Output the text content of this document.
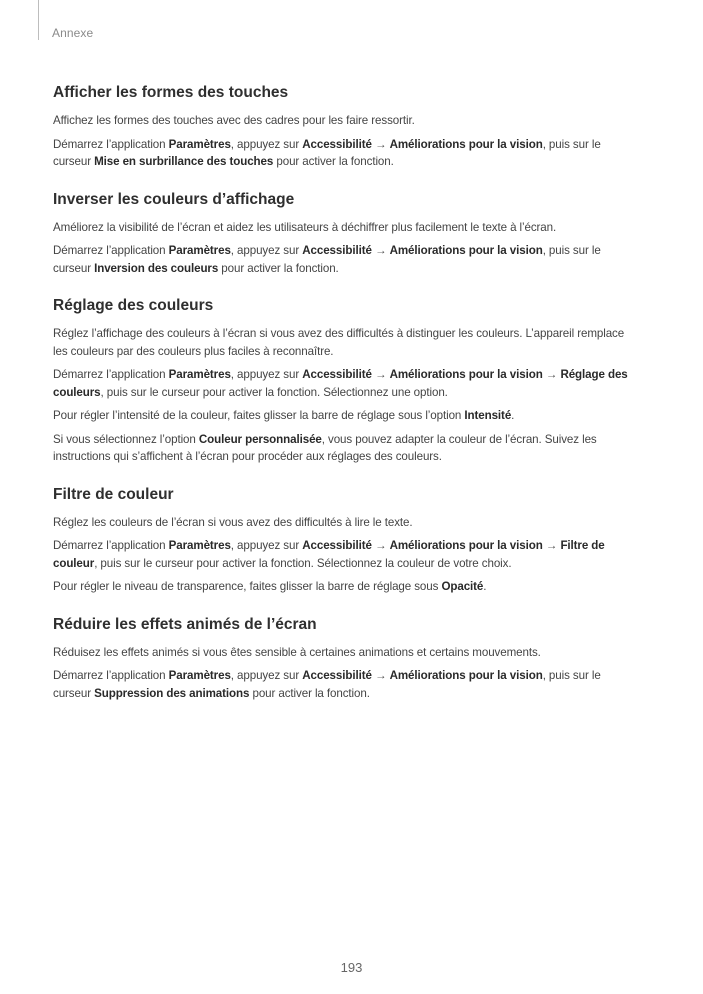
Annexe
Afficher les formes des touches

Affichez les formes des touches avec des cadres pour les faire ressortir.

Démarrez l’application Paramètres, appuyez sur Accessibilité → Améliorations pour la vision, puis sur le curseur Mise en surbrillance des touches pour activer la fonction.

Inverser les couleurs d’affichage

Améliorez la visibilité de l’écran et aidez les utilisateurs à déchiffrer plus facilement le texte à l’écran.

Démarrez l’application Paramètres, appuyez sur Accessibilité → Améliorations pour la vision, puis sur le curseur Inversion des couleurs pour activer la fonction.

Réglage des couleurs

Réglez l’affichage des couleurs à l’écran si vous avez des difficultés à distinguer les couleurs. L’appareil remplace les couleurs par des couleurs plus faciles à reconnaître.

Démarrez l’application Paramètres, appuyez sur Accessibilité → Améliorations pour la vision → Réglage des couleurs, puis sur le curseur pour activer la fonction. Sélectionnez une option.

Pour régler l’intensité de la couleur, faites glisser la barre de réglage sous l’option Intensité.

Si vous sélectionnez l’option Couleur personnalisée, vous pouvez adapter la couleur de l’écran. Suivez les instructions qui s’affichent à l’écran pour procéder aux réglages des couleurs.

Filtre de couleur

Réglez les couleurs de l’écran si vous avez des difficultés à lire le texte.

Démarrez l’application Paramètres, appuyez sur Accessibilité → Améliorations pour la vision → Filtre de couleur, puis sur le curseur pour activer la fonction. Sélectionnez la couleur de votre choix.

Pour régler le niveau de transparence, faites glisser la barre de réglage sous Opacité.

Réduire les effets animés de l’écran

Réduisez les effets animés si vous êtes sensible à certaines animations et certains mouvements.

Démarrez l’application Paramètres, appuyez sur Accessibilité → Améliorations pour la vision, puis sur le curseur Suppression des animations pour activer la fonction.

193
